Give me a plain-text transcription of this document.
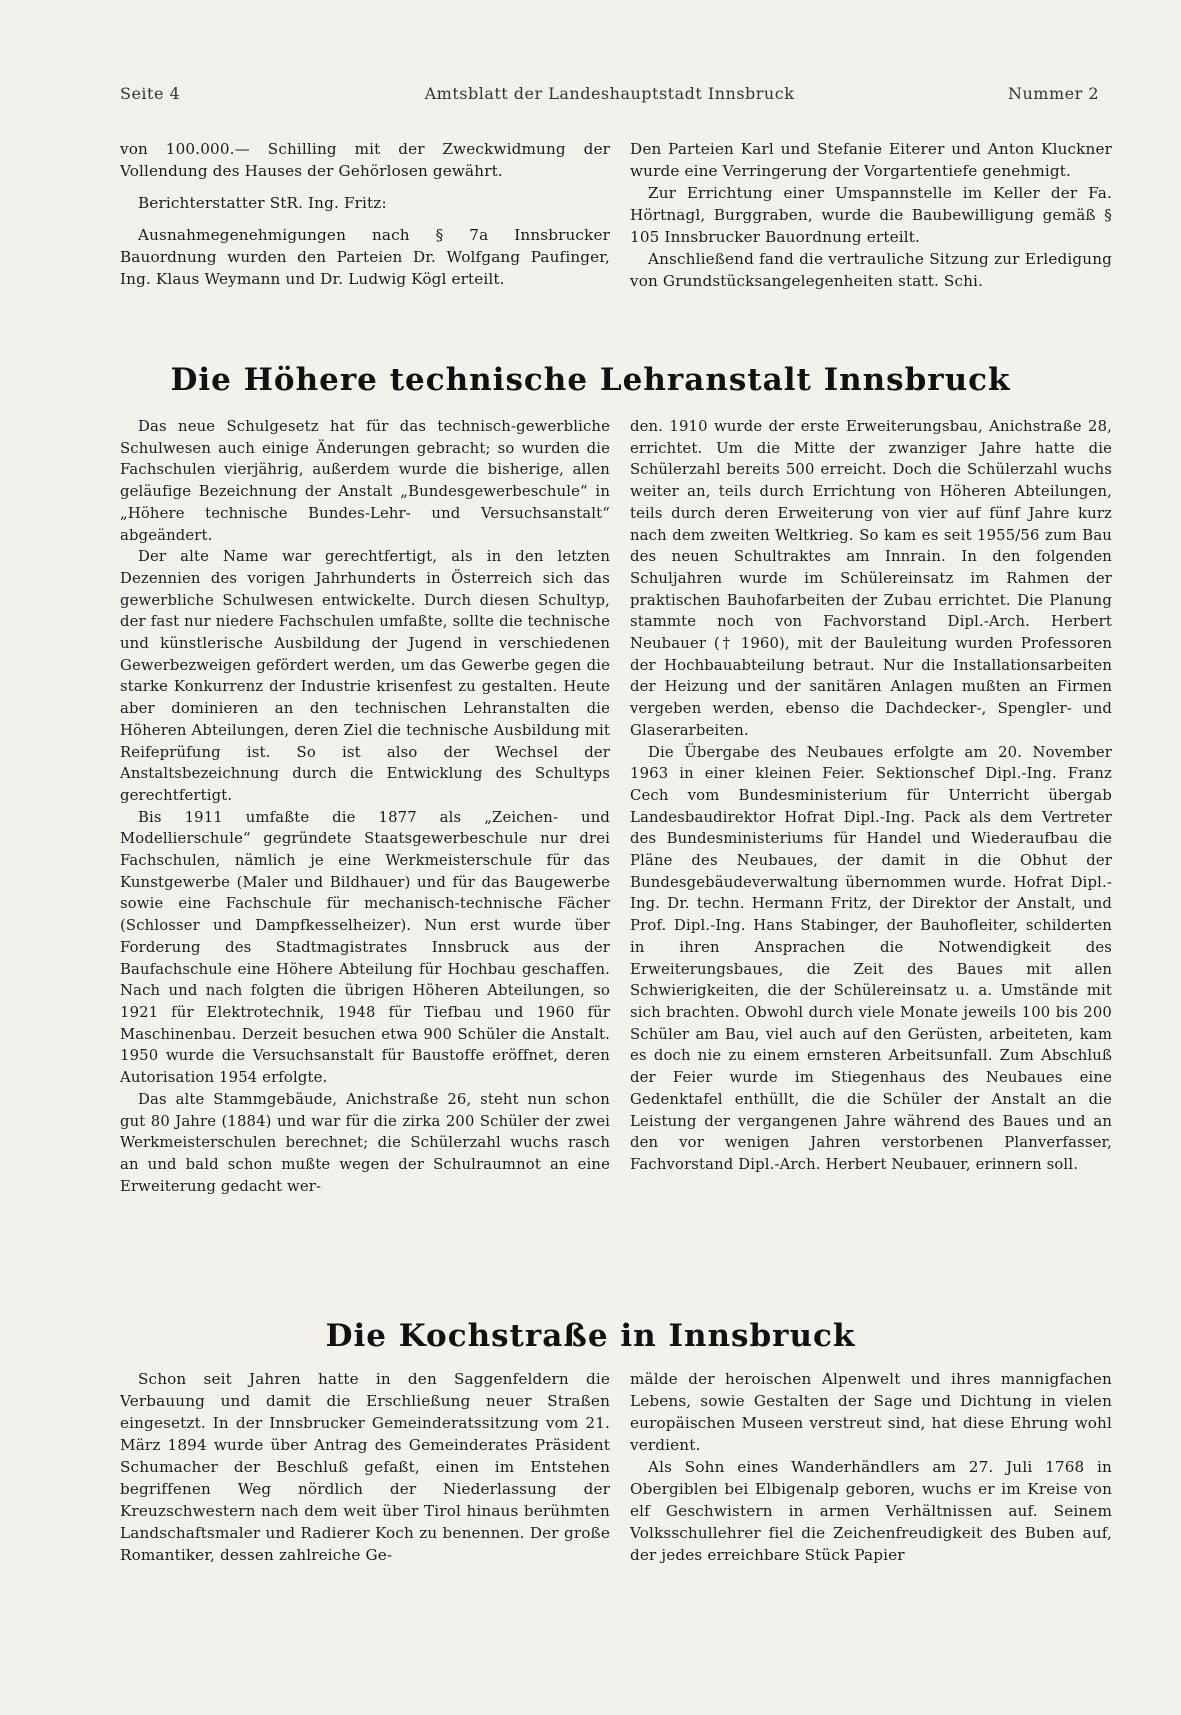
Seite 4	Amtsblatt der Landeshauptstadt Innsbruck	Nummer 2

von 100.000.— Schilling mit der Zweckwidmung der Vollendung des Hauses der Gehörlosen gewährt.

Berichterstatter StR. Ing. Fritz:

Ausnahmegenehmigungen nach § 7a Innsbrucker Bauordnung wurden den Parteien Dr. Wolfgang Paufinger, Ing. Klaus Weymann und Dr. Ludwig Kögl erteilt.

Den Parteien Karl und Stefanie Eiterer und Anton Kluckner wurde eine Verringerung der Vorgartentiefe genehmigt.

Zur Errichtung einer Umspannstelle im Keller der Fa. Hörtnagl, Burggraben, wurde die Baubewilligung gemäß § 105 Innsbrucker Bauordnung erteilt.

Anschließend fand die vertrauliche Sitzung zur Erledigung von Grundstücksangelegenheiten statt. Schi.

Die Höhere technische Lehranstalt Innsbruck

Das neue Schulgesetz hat für das technisch-gewerbliche Schulwesen auch einige Änderungen gebracht; so wurden die Fachschulen vierjährig, außerdem wurde die bisherige, allen geläufige Bezeichnung der Anstalt „Bundesgewerbeschule“ in „Höhere technische Bundes-Lehr- und Versuchsanstalt“ abgeändert.

Der alte Name war gerechtfertigt, als in den letzten Dezennien des vorigen Jahrhunderts in Österreich sich das gewerbliche Schulwesen entwickelte. Durch diesen Schultyp, der fast nur niedere Fachschulen umfaßte, sollte die technische und künstlerische Ausbildung der Jugend in verschiedenen Gewerbezweigen gefördert werden, um das Gewerbe gegen die starke Konkurrenz der Industrie krisenfest zu gestalten. Heute aber dominieren an den technischen Lehranstalten die Höheren Abteilungen, deren Ziel die technische Ausbildung mit Reifeprüfung ist. So ist also der Wechsel der Anstaltsbezeichnung durch die Entwicklung des Schultyps gerechtfertigt.

Bis 1911 umfaßte die 1877 als „Zeichen- und Modellierschule“ gegründete Staatsgewerbeschule nur drei Fachschulen, nämlich je eine Werkmeisterschule für das Kunstgewerbe (Maler und Bildhauer) und für das Baugewerbe sowie eine Fachschule für mechanisch-technische Fächer (Schlosser und Dampfkesselheizer). Nun erst wurde über Forderung des Stadtmagistrates Innsbruck aus der Baufachschule eine Höhere Abteilung für Hochbau geschaffen. Nach und nach folgten die übrigen Höheren Abteilungen, so 1921 für Elektrotechnik, 1948 für Tiefbau und 1960 für Maschinenbau. Derzeit besuchen etwa 900 Schüler die Anstalt. 1950 wurde die Versuchsanstalt für Baustoffe eröffnet, deren Autorisation 1954 erfolgte.

Das alte Stammgebäude, Anichstraße 26, steht nun schon gut 80 Jahre (1884) und war für die zirka 200 Schüler der zwei Werkmeisterschulen berechnet; die Schülerzahl wuchs rasch an und bald schon mußte wegen der Schulraumnot an eine Erweiterung gedacht wer-

den. 1910 wurde der erste Erweiterungsbau, Anichstraße 28, errichtet. Um die Mitte der zwanziger Jahre hatte die Schülerzahl bereits 500 erreicht. Doch die Schülerzahl wuchs weiter an, teils durch Errichtung von Höheren Abteilungen, teils durch deren Erweiterung von vier auf fünf Jahre kurz nach dem zweiten Weltkrieg. So kam es seit 1955/56 zum Bau des neuen Schultraktes am Innrain. In den folgenden Schuljahren wurde im Schülereinsatz im Rahmen der praktischen Bauhofarbeiten der Zubau errichtet. Die Planung stammte noch von Fachvorstand Dipl.-Arch. Herbert Neubauer († 1960), mit der Bauleitung wurden Professoren der Hochbauabteilung betraut. Nur die Installationsarbeiten der Heizung und der sanitären Anlagen mußten an Firmen vergeben werden, ebenso die Dachdecker-, Spengler- und Glaserarbeiten.

Die Übergabe des Neubaues erfolgte am 20. November 1963 in einer kleinen Feier. Sektionschef Dipl.-Ing. Franz Cech vom Bundesministerium für Unterricht übergab Landesbaudirektor Hofrat Dipl.-Ing. Pack als dem Vertreter des Bundesministeriums für Handel und Wiederaufbau die Pläne des Neubaues, der damit in die Obhut der Bundesgebäudeverwaltung übernommen wurde. Hofrat Dipl.-Ing. Dr. techn. Hermann Fritz, der Direktor der Anstalt, und Prof. Dipl.-Ing. Hans Stabinger, der Bauhofleiter, schilderten in ihren Ansprachen die Notwendigkeit des Erweiterungsbaues, die Zeit des Baues mit allen Schwierigkeiten, die der Schülereinsatz u. a. Umstände mit sich brachten. Obwohl durch viele Monate jeweils 100 bis 200 Schüler am Bau, viel auch auf den Gerüsten, arbeiteten, kam es doch nie zu einem ernsteren Arbeitsunfall. Zum Abschluß der Feier wurde im Stiegenhaus des Neubaues eine Gedenktafel enthüllt, die die Schüler der Anstalt an die Leistung der vergangenen Jahre während des Baues und an den vor wenigen Jahren verstorbenen Planverfasser, Fachvorstand Dipl.-Arch. Herbert Neubauer, erinnern soll.

Die Kochstraße in Innsbruck

Schon seit Jahren hatte in den Saggenfeldern die Verbauung und damit die Erschließung neuer Straßen eingesetzt. In der Innsbrucker Gemeinderatssitzung vom 21. März 1894 wurde über Antrag des Gemeinderates Präsident Schumacher der Beschluß gefaßt, einen im Entstehen begriffenen Weg nördlich der Niederlassung der Kreuzschwestern nach dem weit über Tirol hinaus berühmten Landschaftsmaler und Radierer Koch zu benennen. Der große Romantiker, dessen zahlreiche Ge-

mälde der heroischen Alpenwelt und ihres mannigfachen Lebens, sowie Gestalten der Sage und Dichtung in vielen europäischen Museen verstreut sind, hat diese Ehrung wohl verdient.

Als Sohn eines Wanderhändlers am 27. Juli 1768 in Obergiblen bei Elbigenalp geboren, wuchs er im Kreise von elf Geschwistern in armen Verhältnissen auf. Seinem Volksschullehrer fiel die Zeichenfreudigkeit des Buben auf, der jedes erreichbare Stück Papier
